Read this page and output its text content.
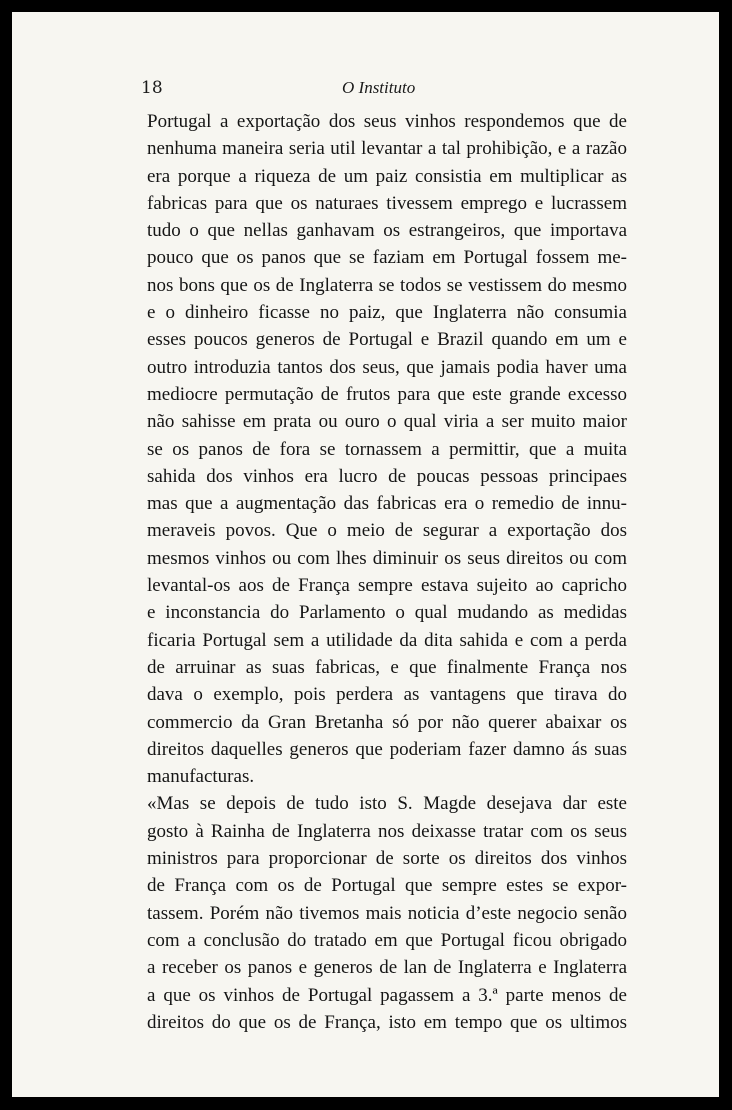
18	O Instituto
Portugal a exportação dos seus vinhos respondemos que de
nenhuma maneira seria util levantar a tal prohibição, e a razão
era porque a riqueza de um paiz consistia em multiplicar as
fabricas para que os naturaes tivessem emprego e lucrassem
tudo o que nellas ganhavam os estrangeiros, que importava
pouco que os panos que se faziam em Portugal fossem me-
nos bons que os de Inglaterra se todos se vestissem do mesmo
e o dinheiro ficasse no paiz, que Inglaterra não consumia
esses poucos generos de Portugal e Brazil quando em um e
outro introduzia tantos dos seus, que jamais podia haver uma
mediocre permutação de frutos para que este grande excesso
não sahisse em prata ou ouro o qual viria a ser muito maior
se os panos de fora se tornassem a permittir, que a muita
sahida dos vinhos era lucro de poucas pessoas principaes
mas que a augmentação das fabricas era o remedio de innu-
meraveis povos. Que o meio de segurar a exportação dos
mesmos vinhos ou com lhes diminuir os seus direitos ou com
levantal-os aos de França sempre estava sujeito ao capricho
e inconstancia do Parlamento o qual mudando as medidas
ficaria Portugal sem a utilidade da dita sahida e com a perda
de arruinar as suas fabricas, e que finalmente França nos
dava o exemplo, pois perdera as vantagens que tirava do
commercio da Gran Bretanha só por não querer abaixar os
direitos daquelles generos que poderiam fazer damno ás suas
manufacturas.
«Mas se depois de tudo isto S. Magde desejava dar este
gosto à Rainha de Inglaterra nos deixasse tratar com os seus
ministros para proporcionar de sorte os direitos dos vinhos
de França com os de Portugal que sempre estes se expor-
tassem. Porém não tivemos mais noticia d’este negocio senão
com a conclusão do tratado em que Portugal ficou obrigado
a receber os panos e generos de lan de Inglaterra e Inglaterra
a que os vinhos de Portugal pagassem a 3.ª parte menos de
direitos do que os de França, isto em tempo que os ultimos
